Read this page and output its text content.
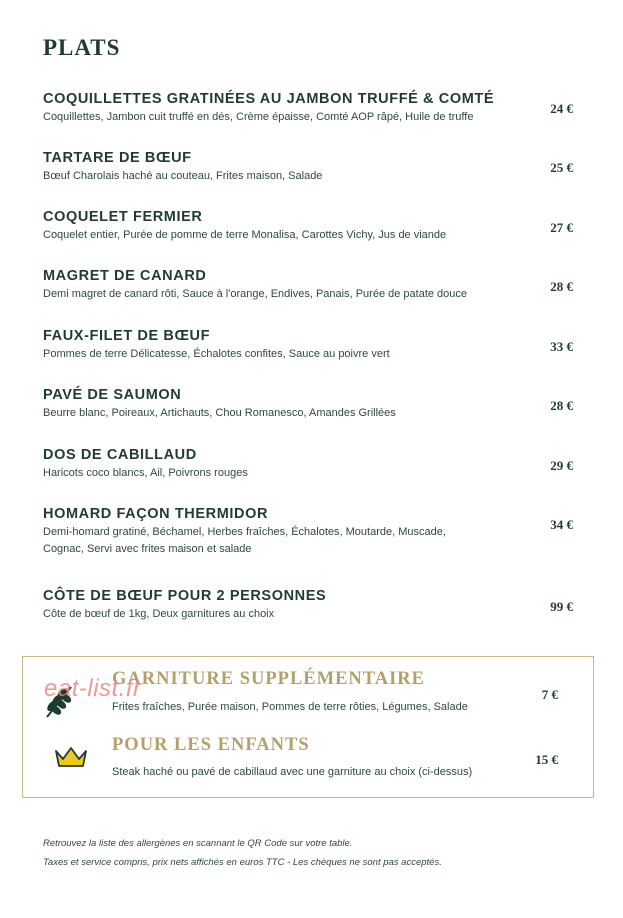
PLATS
COQUILLETTES GRATINÉES AU JAMBON TRUFFÉ & COMTÉ
Coquillettes, Jambon cuit truffé en dés, Crème épaisse, Comté AOP râpé, Huile de truffe
24 €
TARTARE DE BŒUF
Bœuf Charolais haché au couteau, Frites maison, Salade
25 €
COQUELET FERMIER
Coquelet entier, Purée de pomme de terre Monalisa, Carottes Vichy, Jus de viande	27 €
MAGRET DE CANARD
Demi magret de canard rôti, Sauce à l'orange, Endives, Panais, Purée de patate douce	28 €
FAUX-FILET DE BŒUF
Pommes de terre Délicatesse, Échalotes confites, Sauce au poivre vert	33 €
PAVÉ DE SAUMON
Beurre blanc, Poireaux, Artichauts, Chou Romanesco, Amandes Grillées	28 €
DOS DE CABILLAUD
Haricots coco blancs, Ail, Poivrons rouges	29 €
HOMARD FAÇON THERMIDOR
Demi-homard gratiné, Béchamel, Herbes fraîches, Échalotes, Moutarde, Muscade,
Cognac, Servi avec frites maison et salade
34 €
CÔTE DE BŒUF POUR 2 PERSONNES
Côte de bœuf de 1kg, Deux garnitures au choix	99 €
GARNITURE SUPPLÉMENTAIRE
Frites fraîches, Purée maison, Pommes de terre rôties, Légumes, Salade
7 €
POUR LES ENFANTS
Steak haché ou pavé de cabillaud avec une garniture au choix (ci-dessus)
15 €
eat-list.fr
Retrouvez la liste des allergènes en scannant le QR Code sur votre table.
Taxes et service compris, prix nets affichés en euros TTC - Les chèques ne sont pas acceptés.
